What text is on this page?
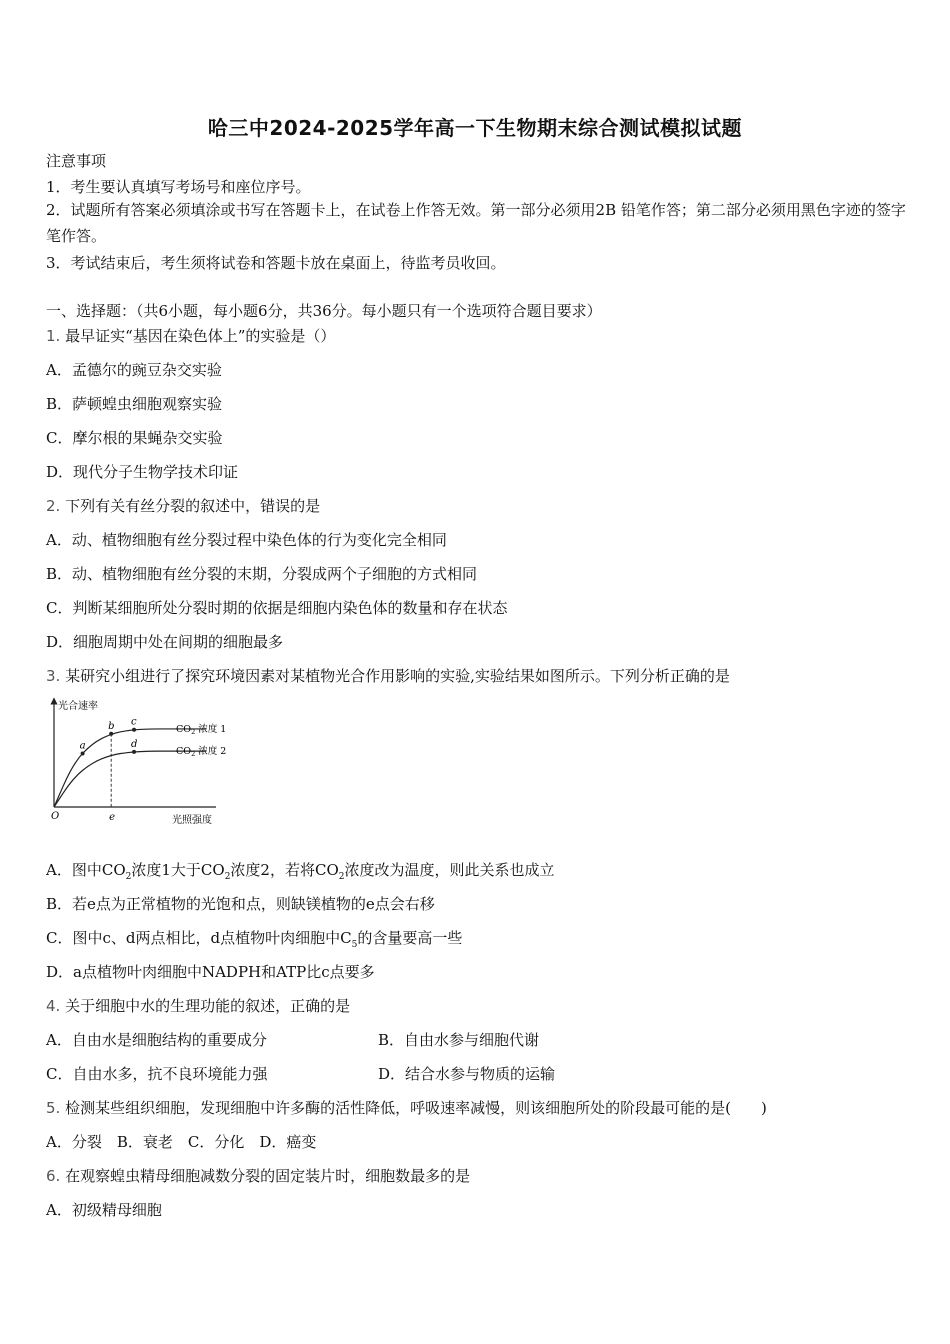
哈三中2024-2025学年高一下生物期末综合测试模拟试题
注意事项
1．考生要认真填写考场号和座位序号。
2．试题所有答案必须填涂或书写在答题卡上，在试卷上作答无效。第一部分必须用2B 铅笔作答；第二部分必须用黑色字迹的签字笔作答。
3．考试结束后，考生须将试卷和答题卡放在桌面上，待监考员收回。
一、选择题：（共6小题，每小题6分，共36分。每小题只有一个选项符合题目要求）
1. 最早证实“基因在染色体上”的实验是（）
A．孟德尔的豌豆杂交实验
B．萨顿蝗虫细胞观察实验
C．摩尔根的果蝇杂交实验
D．现代分子生物学技术印证
2. 下列有关有丝分裂的叙述中，错误的是
A．动、植物细胞有丝分裂过程中染色体的行为变化完全相同
B．动、植物细胞有丝分裂的末期，分裂成两个子细胞的方式相同
C．判断某细胞所处分裂时期的依据是细胞内染色体的数量和存在状态
D．细胞周期中处在间期的细胞最多
3. 某研究小组进行了探究环境因素对某植物光合作用影响的实验,实验结果如图所示。下列分析正确的是
光合速率
光照强度
O	e
$CO_2$ 浓度 1
$CO_2$ 浓度 2
a
b c
d
A．图中$CO_2$浓度1大于$CO_2$浓度2，若将$CO_2$浓度改为温度，则此关系也成立
B．若e点为正常植物的光饱和点，则缺镁植物的e点会右移
C．图中c、d两点相比，d点植物叶肉细胞中$C_5$的含量要高一些
D．a点植物叶肉细胞中NADPH和ATP比c点要多
4. 关于细胞中水的生理功能的叙述，正确的是
A．自由水是细胞结构的重要成分	B．自由水参与细胞代谢
C．自由水多，抗不良环境能力强	D．结合水参与物质的运输
5. 检测某些组织细胞，发现细胞中许多酶的活性降低，呼吸速率减慢，则该细胞所处的阶段最可能的是(　　)
A．分裂　B．衰老　C．分化　D．癌变
6. 在观察蝗虫精母细胞减数分裂的固定装片时，细胞数最多的是
A．初级精母细胞
